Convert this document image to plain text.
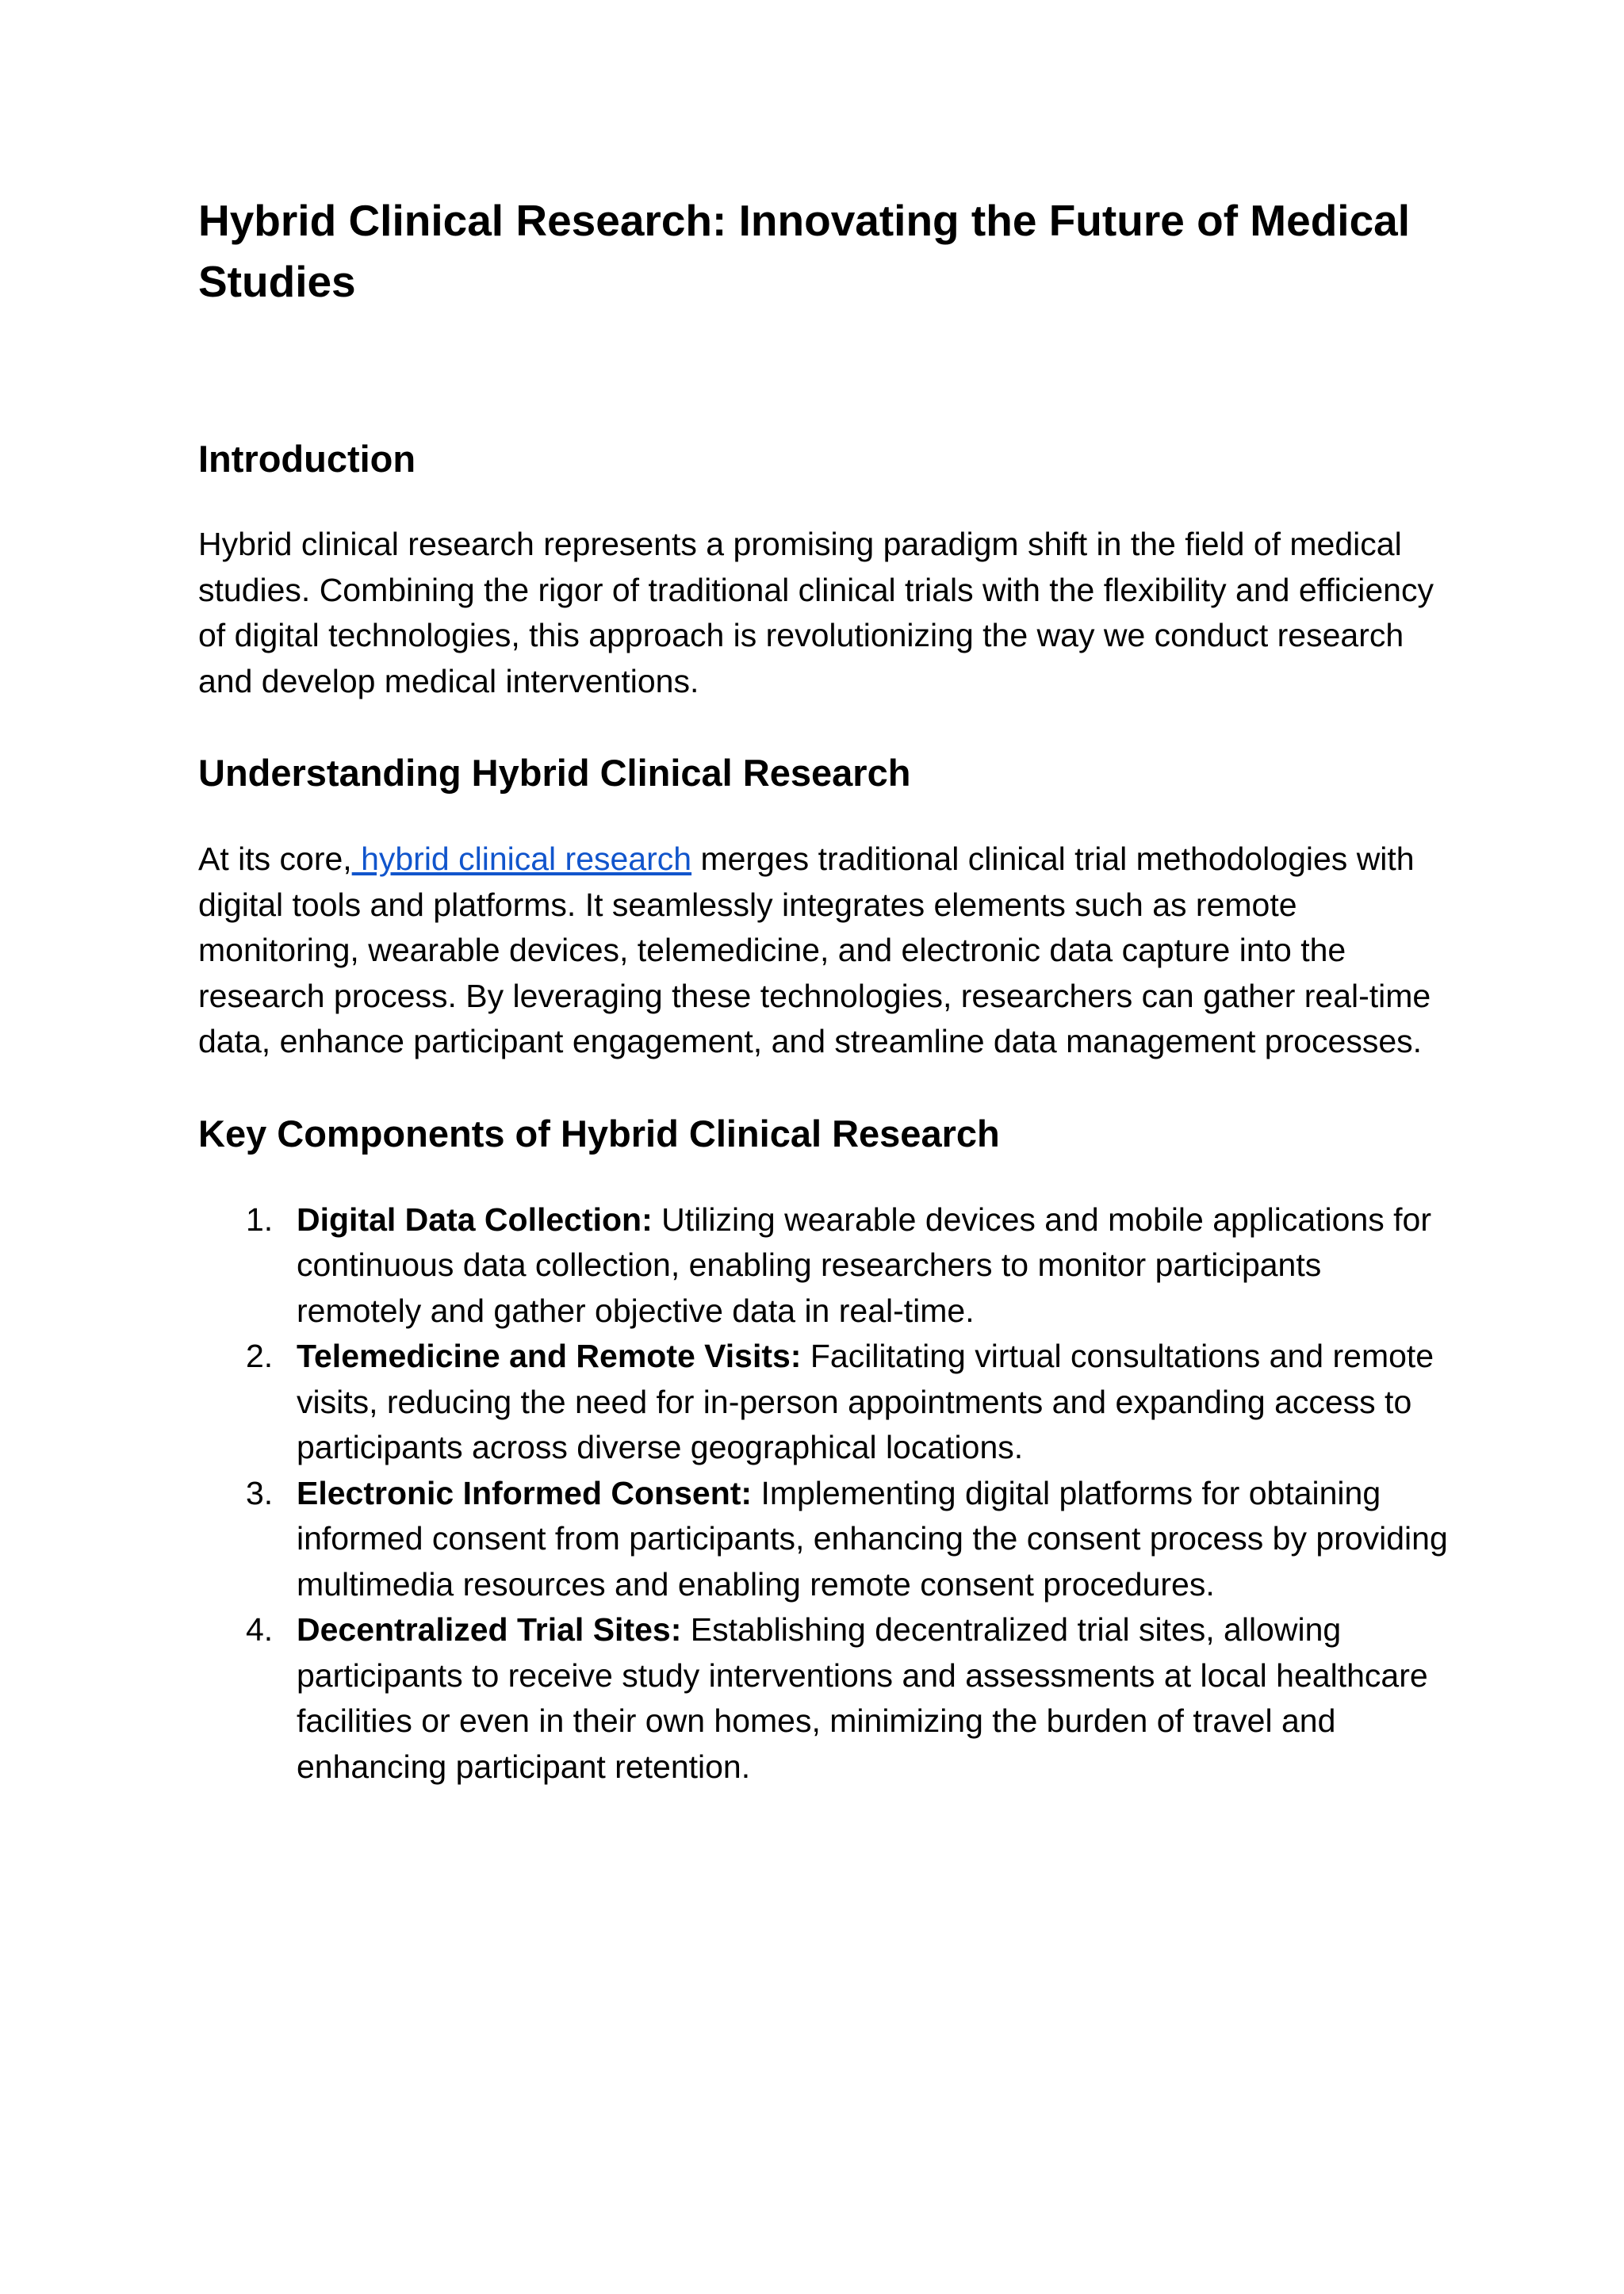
Hybrid Clinical Research: Innovating the Future of Medical Studies
Introduction

Hybrid clinical research represents a promising paradigm shift in the field of medical studies. Combining the rigor of traditional clinical trials with the flexibility and efficiency of digital technologies, this approach is revolutionizing the way we conduct research and develop medical interventions.

Understanding Hybrid Clinical Research

At its core, hybrid clinical research merges traditional clinical trial methodologies with digital tools and platforms. It seamlessly integrates elements such as remote monitoring, wearable devices, telemedicine, and electronic data capture into the research process. By leveraging these technologies, researchers can gather real-time data, enhance participant engagement, and streamline data management processes.

Key Components of Hybrid Clinical Research
1. Digital Data Collection: Utilizing wearable devices and mobile applications for continuous data collection, enabling researchers to monitor participants remotely and gather objective data in real-time.
2. Telemedicine and Remote Visits: Facilitating virtual consultations and remote visits, reducing the need for in-person appointments and expanding access to participants across diverse geographical locations.
3. Electronic Informed Consent: Implementing digital platforms for obtaining informed consent from participants, enhancing the consent process by providing multimedia resources and enabling remote consent procedures.
4. Decentralized Trial Sites: Establishing decentralized trial sites, allowing participants to receive study interventions and assessments at local healthcare facilities or even in their own homes, minimizing the burden of travel and enhancing participant retention.
